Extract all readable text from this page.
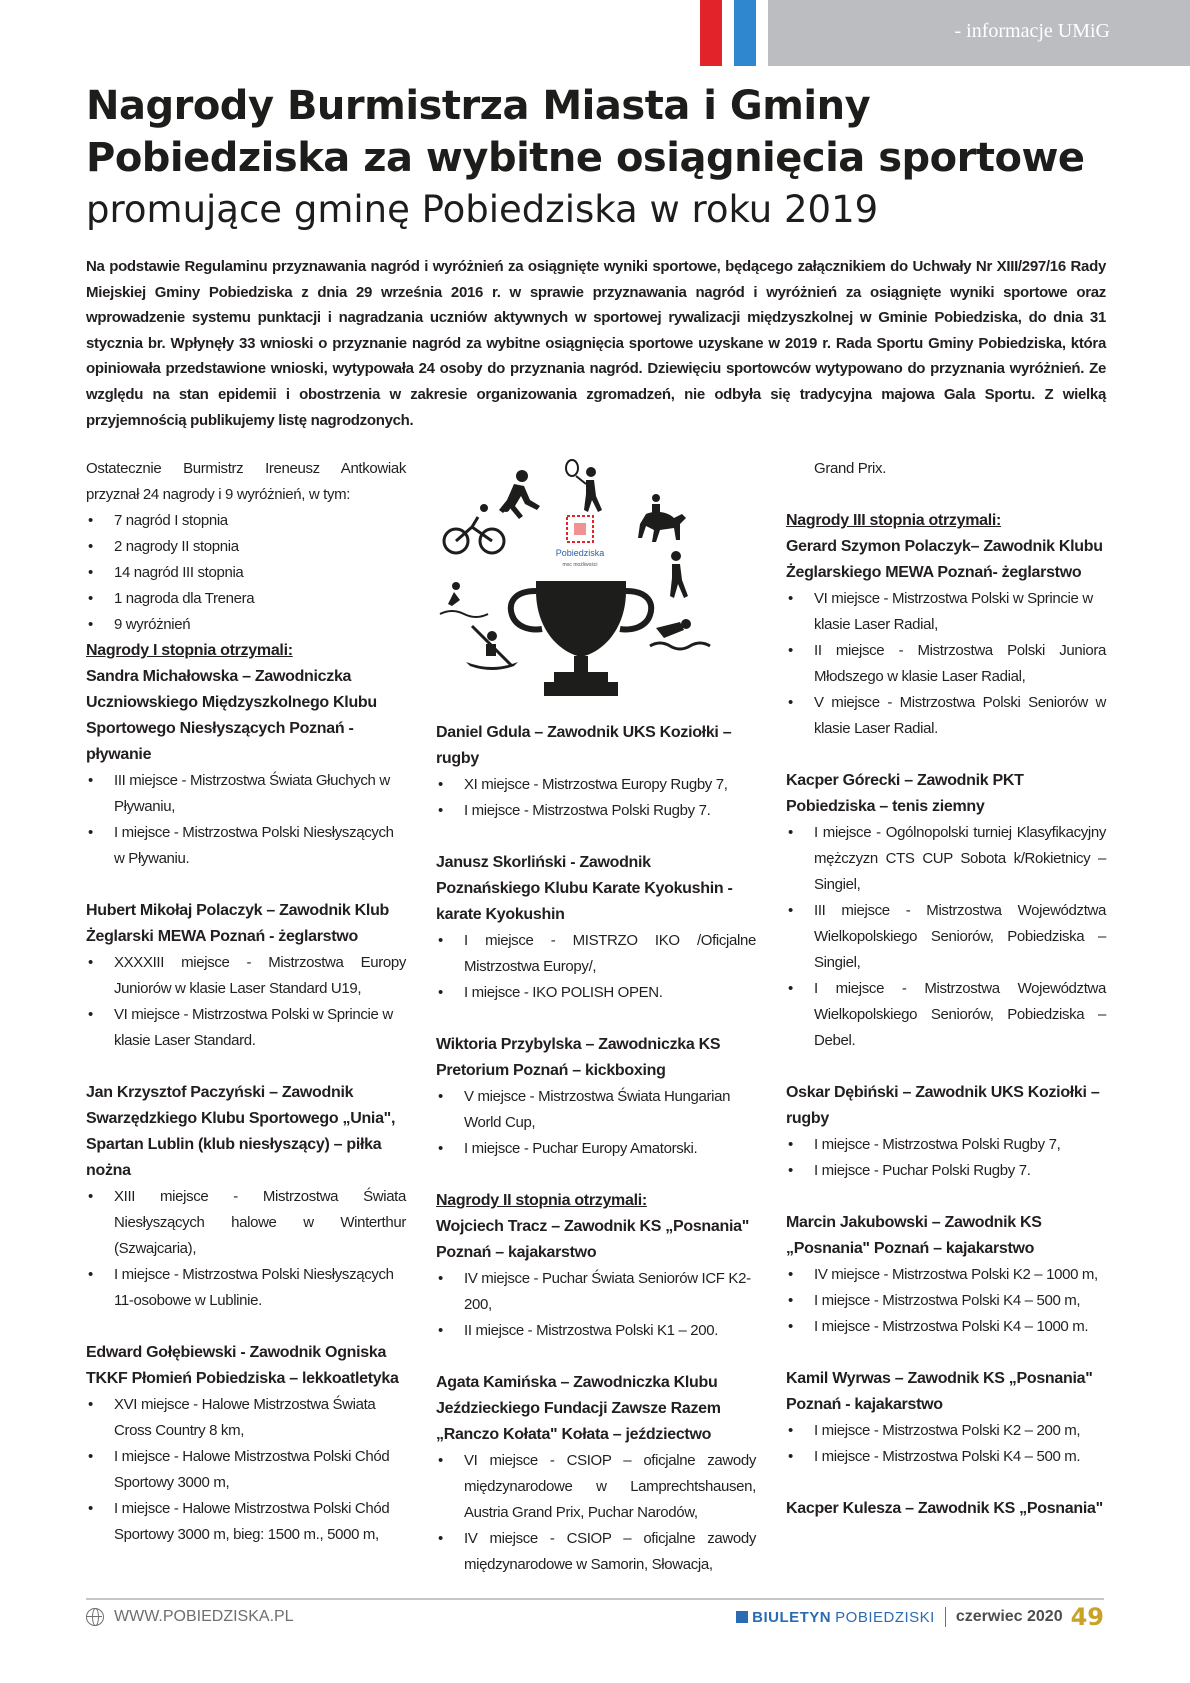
- informacje UMiG
Nagrody Burmistrza Miasta i Gminy
Pobiedziska za wybitne osiągnięcia sportowe
promujące gminę Pobiedziska w roku 2019
Na podstawie Regulaminu przyznawania nagród i wyróżnień za osiągnięte wyniki sportowe, będącego załącznikiem do Uchwały Nr XIII/297/16 Rady Miejskiej Gminy Pobiedziska z dnia 29 września 2016 r. w sprawie przyznawania nagród i wyróżnień za osiągnięte wyniki sportowe oraz wprowadzenie systemu punktacji i nagradzania uczniów aktywnych w sportowej rywalizacji międzyszkolnej w Gminie Pobiedziska, do dnia 31 stycznia br. Wpłynęły 33 wnioski o przyznanie nagród za wybitne osiągnięcia sportowe uzyskane w 2019 r. Rada Sportu Gminy Pobiedziska, która opiniowała przedstawione wnioski, wytypowała 24 osoby do przyznania nagród. Dziewięciu sportowców wytypowano do przyznania wyróżnień. Ze względu na stan epidemii i obostrzenia w zakresie organizowania zgromadzeń, nie odbyła się tradycyjna majowa Gala Sportu. Z wielką przyjemnością publikujemy listę nagrodzonych.
Ostatecznie Burmistrz Ireneusz Antkowiak przyznał 24 nagrody i 9 wyróżnień, w tym:
• 7 nagród I stopnia
• 2 nagrody II stopnia
• 14 nagród III stopnia
• 1 nagroda dla Trenera
• 9 wyróżnień
Nagrody I stopnia otrzymali:
Sandra Michałowska – Zawodniczka Uczniowskiego Międzyszkolnego Klubu Sportowego Niesłyszących Poznań - pływanie
• III miejsce - Mistrzostwa Świata Głuchych w Pływaniu,
• I miejsce - Mistrzostwa Polski Niesłyszących w Pływaniu.
Hubert Mikołaj Polaczyk – Zawodnik Klub Żeglarski MEWA Poznań - żeglarstwo
• XXXXIII miejsce - Mistrzostwa Europy Juniorów w klasie Laser Standard U19,
• VI miejsce - Mistrzostwa Polski w Sprincie w klasie Laser Standard.
Jan Krzysztof Paczyński – Zawodnik Swarzędzkiego Klubu Sportowego „Unia", Spartan Lublin (klub niesłyszący) – piłka nożna
• XIII miejsce - Mistrzostwa Świata Niesłyszących halowe w Winterthur (Szwajcaria),
• I miejsce - Mistrzostwa Polski Niesłyszących 11-osobowe w Lublinie.
Edward Gołębiewski - Zawodnik Ogniska TKKF Płomień Pobiedziska – lekkoatletyka
• XVI miejsce - Halowe Mistrzostwa Świata Cross Country 8 km,
• I miejsce - Halowe Mistrzostwa Polski Chód Sportowy 3000 m,
• I miejsce - Halowe Mistrzostwa Polski Chód Sportowy 3000 m, bieg: 1500 m., 5000 m,
Pobiedziska
moc możliwości
Daniel Gdula – Zawodnik UKS Koziołki – rugby
• XI miejsce - Mistrzostwa Europy Rugby 7,
• I miejsce - Mistrzostwa Polski Rugby 7.
Janusz Skorliński - Zawodnik Poznańskiego Klubu Karate Kyokushin - karate Kyokushin
• I miejsce - MISTRZO IKO /Oficjalne Mistrzostwa Europy/,
• I miejsce - IKO POLISH OPEN.
Wiktoria Przybylska – Zawodniczka KS Pretorium Poznań – kickboxing
• V miejsce - Mistrzostwa Świata Hungarian World Cup,
• I miejsce - Puchar Europy Amatorski.
Nagrody II stopnia otrzymali:
Wojciech Tracz – Zawodnik KS „Posnania" Poznań – kajakarstwo
• IV miejsce - Puchar Świata Seniorów ICF K2-200,
• II miejsce - Mistrzostwa Polski K1 – 200.
Agata Kamińska – Zawodniczka Klubu Jeździeckiego Fundacji Zawsze Razem „Ranczo Kołata" Kołata – jeździectwo
• VI miejsce - CSIOP – oficjalne zawody międzynarodowe w Lamprechtshausen, Austria Grand Prix, Puchar Narodów,
• IV miejsce - CSIOP – oficjalne zawody międzynarodowe w Samorin, Słowacja,
Grand Prix.
Nagrody III stopnia otrzymali:
Gerard Szymon Polaczyk– Zawodnik Klubu Żeglarskiego MEWA Poznań- żeglarstwo
• VI miejsce - Mistrzostwa Polski w Sprincie w klasie Laser Radial,
• II miejsce - Mistrzostwa Polski Juniora Młodszego w klasie Laser Radial,
• V miejsce - Mistrzostwa Polski Seniorów w klasie Laser Radial.
Kacper Górecki – Zawodnik PKT Pobiedziska – tenis ziemny
• I miejsce - Ogólnopolski turniej Klasyfikacyjny mężczyzn CTS CUP Sobota k/Rokietnicy – Singiel,
• III miejsce - Mistrzostwa Województwa Wielkopolskiego Seniorów, Pobiedziska – Singiel,
• I miejsce - Mistrzostwa Województwa Wielkopolskiego Seniorów, Pobiedziska – Debel.
Oskar Dębiński – Zawodnik UKS Koziołki – rugby
• I miejsce - Mistrzostwa Polski Rugby 7,
• I miejsce - Puchar Polski Rugby 7.
Marcin Jakubowski – Zawodnik KS „Posnania" Poznań – kajakarstwo
• IV miejsce - Mistrzostwa Polski K2 – 1000 m,
• I miejsce - Mistrzostwa Polski K4 – 500 m,
• I miejsce - Mistrzostwa Polski K4 – 1000 m.
Kamil Wyrwas – Zawodnik KS „Posnania" Poznań - kajakarstwo
• I miejsce - Mistrzostwa Polski K2 – 200 m,
• I miejsce - Mistrzostwa Polski K4 – 500 m.
Kacper Kulesza – Zawodnik KS „Posnania"
WWW.POBIEDZISKA.PL	BIULETYN POBIEDZISKI czerwiec 2020 49
